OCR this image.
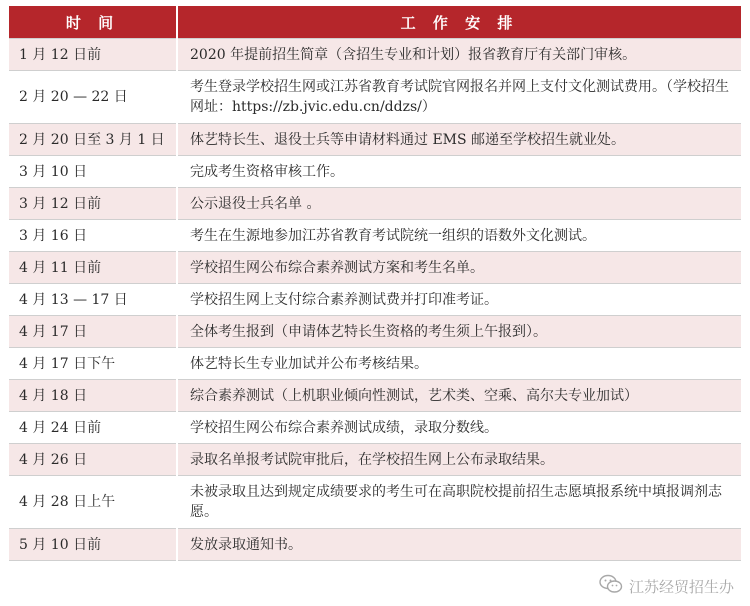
时 间	工 作 安 排
1 月 12 日前	2020 年提前招生简章（含招生专业和计划）报省教育厅有关部门审核。
2 月 20 — 22 日	考生登录学校招生网或江苏省教育考试院官网报名并网上支付文化测试费用。（学校招生网址：https://zb.jvic.edu.cn/ddzs/）
2 月 20 日至 3 月 1 日	体艺特长生、退役士兵等申请材料通过 EMS 邮递至学校招生就业处。
3 月 10 日	完成考生资格审核工作。
3 月 12 日前	公示退役士兵名单 。
3 月 16 日	考生在生源地参加江苏省教育考试院统一组织的语数外文化测试。
4 月 11 日前	学校招生网公布综合素养测试方案和考生名单。
4 月 13 — 17 日	学校招生网上支付综合素养测试费并打印准考证。
4 月 17 日	全体考生报到（申请体艺特长生资格的考生须上午报到）。
4 月 17 日下午	体艺特长生专业加试并公布考核结果。
4 月 18 日	综合素养测试（上机职业倾向性测试，艺术类、空乘、高尔夫专业加试）
4 月 24 日前	学校招生网公布综合素养测试成绩，录取分数线。
4 月 26 日	录取名单报考试院审批后，在学校招生网上公布录取结果。
4 月 28 日上午	未被录取且达到规定成绩要求的考生可在高职院校提前招生志愿填报系统中填报调剂志愿。
5 月 10 日前	发放录取通知书。
江苏经贸招生办
